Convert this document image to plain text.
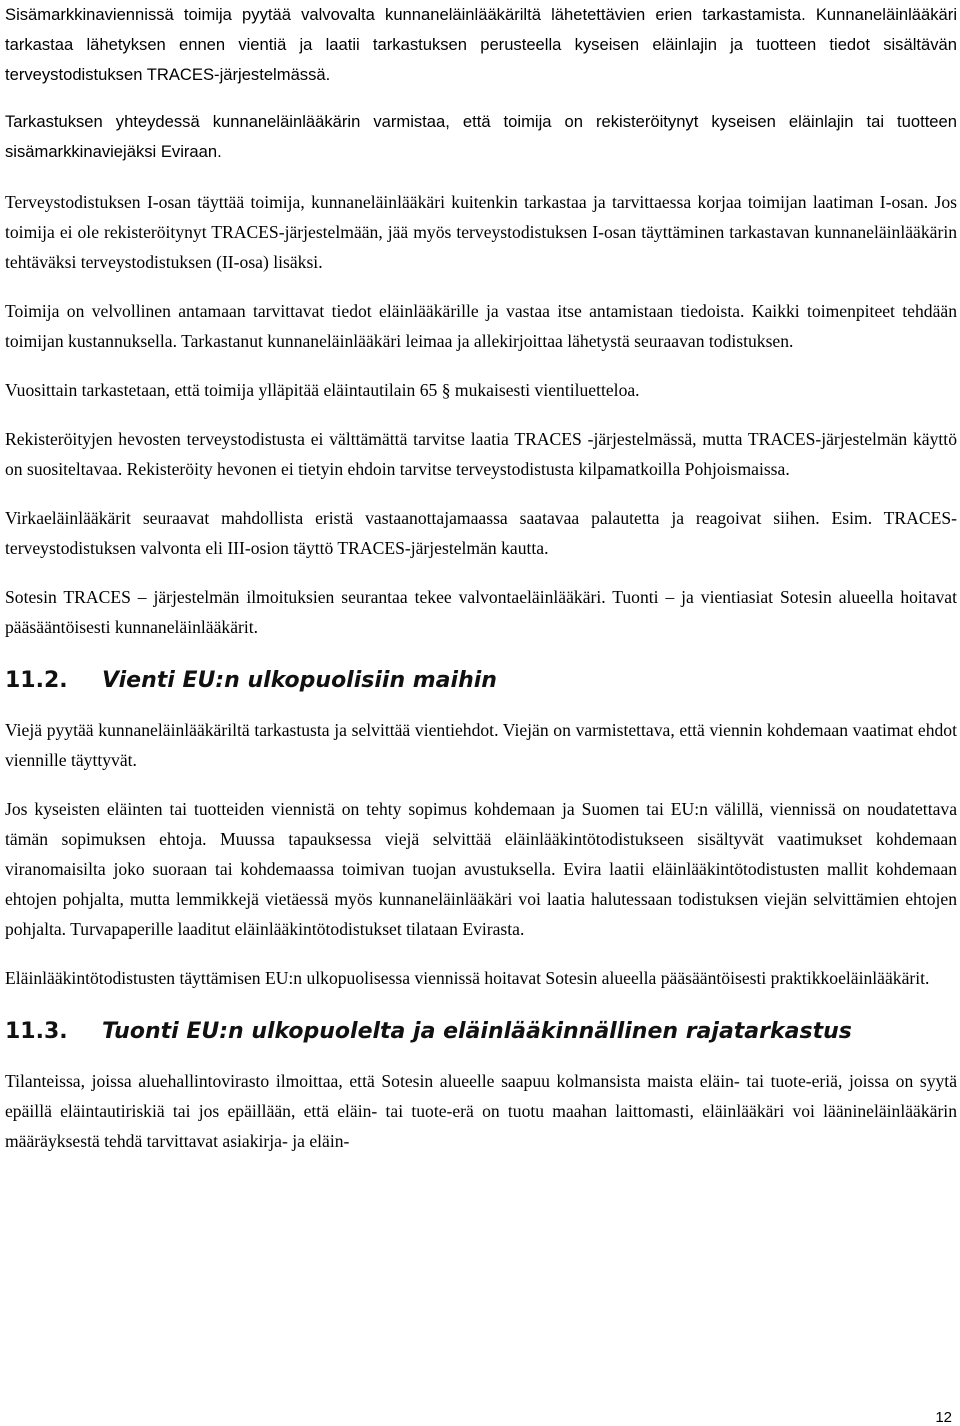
Sisämarkkinaviennissä toimija pyytää valvovalta kunnaneläinlääkäriltä lähetettävien erien tarkastamista. Kunnaneläinlääkäri tarkastaa lähetyksen ennen vientiä ja laatii tarkastuksen perusteella kyseisen eläinlajin ja tuotteen tiedot sisältävän terveystodistuksen TRACES-järjestelmässä.

Tarkastuksen yhteydessä kunnaneläinlääkärin varmistaa, että toimija on rekisteröitynyt kyseisen eläinlajin tai tuotteen sisämarkkinaviejäksi Eviraan.

Terveystodistuksen I-osan täyttää toimija, kunnaneläinlääkäri kuitenkin tarkastaa ja tarvittaessa korjaa toimijan laatiman I-osan. Jos toimija ei ole rekisteröitynyt TRACES-järjestelmään, jää myös terveystodistuksen I-osan täyttäminen tarkastavan kunnaneläinlääkärin tehtäväksi terveystodistuksen (II-osa) lisäksi.

Toimija on velvollinen antamaan tarvittavat tiedot eläinlääkärille ja vastaa itse antamistaan tiedoista. Kaikki toimenpiteet tehdään toimijan kustannuksella. Tarkastanut kunnaneläinlääkäri leimaa ja allekirjoittaa lähetystä seuraavan todistuksen.

Vuosittain tarkastetaan, että toimija ylläpitää eläintautilain 65 § mukaisesti vientiluetteloa.

Rekisteröityjen hevosten terveystodistusta ei välttämättä tarvitse laatia TRACES -järjestelmässä, mutta TRACES-järjestelmän käyttö on suositeltavaa. Rekisteröity hevonen ei tietyin ehdoin tarvitse terveystodistusta kilpamatkoilla Pohjoismaissa.

Virkaeläinlääkärit seuraavat mahdollista eristä vastaanottajamaassa saatavaa palautetta ja reagoivat siihen. Esim. TRACES-terveystodistuksen valvonta eli III-osion täyttö TRACES-järjestelmän kautta.

Sotesin TRACES – järjestelmän ilmoituksien seurantaa tekee valvontaeläinlääkäri. Tuonti – ja vientiasiat Sotesin alueella hoitavat pääsääntöisesti kunnaneläinlääkärit.

11.2.	Vienti EU:n ulkopuolisiin maihin

Viejä pyytää kunnaneläinlääkäriltä tarkastusta ja selvittää vientiehdot. Viejän on varmistettava, että viennin kohdemaan vaatimat ehdot viennille täyttyvät.

Jos kyseisten eläinten tai tuotteiden viennistä on tehty sopimus kohdemaan ja Suomen tai EU:n välillä, viennissä on noudatettava tämän sopimuksen ehtoja. Muussa tapauksessa viejä selvittää eläinlääkintötodistukseen sisältyvät vaatimukset kohdemaan viranomaisilta joko suoraan tai kohdemaassa toimivan tuojan avustuksella. Evira laatii eläinlääkintötodistusten mallit kohdemaan ehtojen pohjalta, mutta lemmikkejä vietäessä myös kunnaneläinlääkäri voi laatia halutessaan todistuksen viejän selvittämien ehtojen pohjalta. Turvapaperille laaditut eläinlääkintötodistukset tilataan Evirasta.

Eläinlääkintötodistusten täyttämisen EU:n ulkopuolisessa viennissä hoitavat Sotesin alueella pääsääntöisesti praktikkoeläinlääkärit.

11.3.	Tuonti EU:n ulkopuolelta ja eläinlääkinnällinen rajatarkastus

Tilanteissa, joissa aluehallintovirasto ilmoittaa, että Sotesin alueelle saapuu kolmansista maista eläin- tai tuote-eriä, joissa on syytä epäillä eläintautiriskiä tai jos epäillään, että eläin- tai tuote-erä on tuotu maahan laittomasti, eläinlääkäri voi läänineläinlääkärin määräyksestä tehdä tarvittavat asiakirja- ja eläin-

12
